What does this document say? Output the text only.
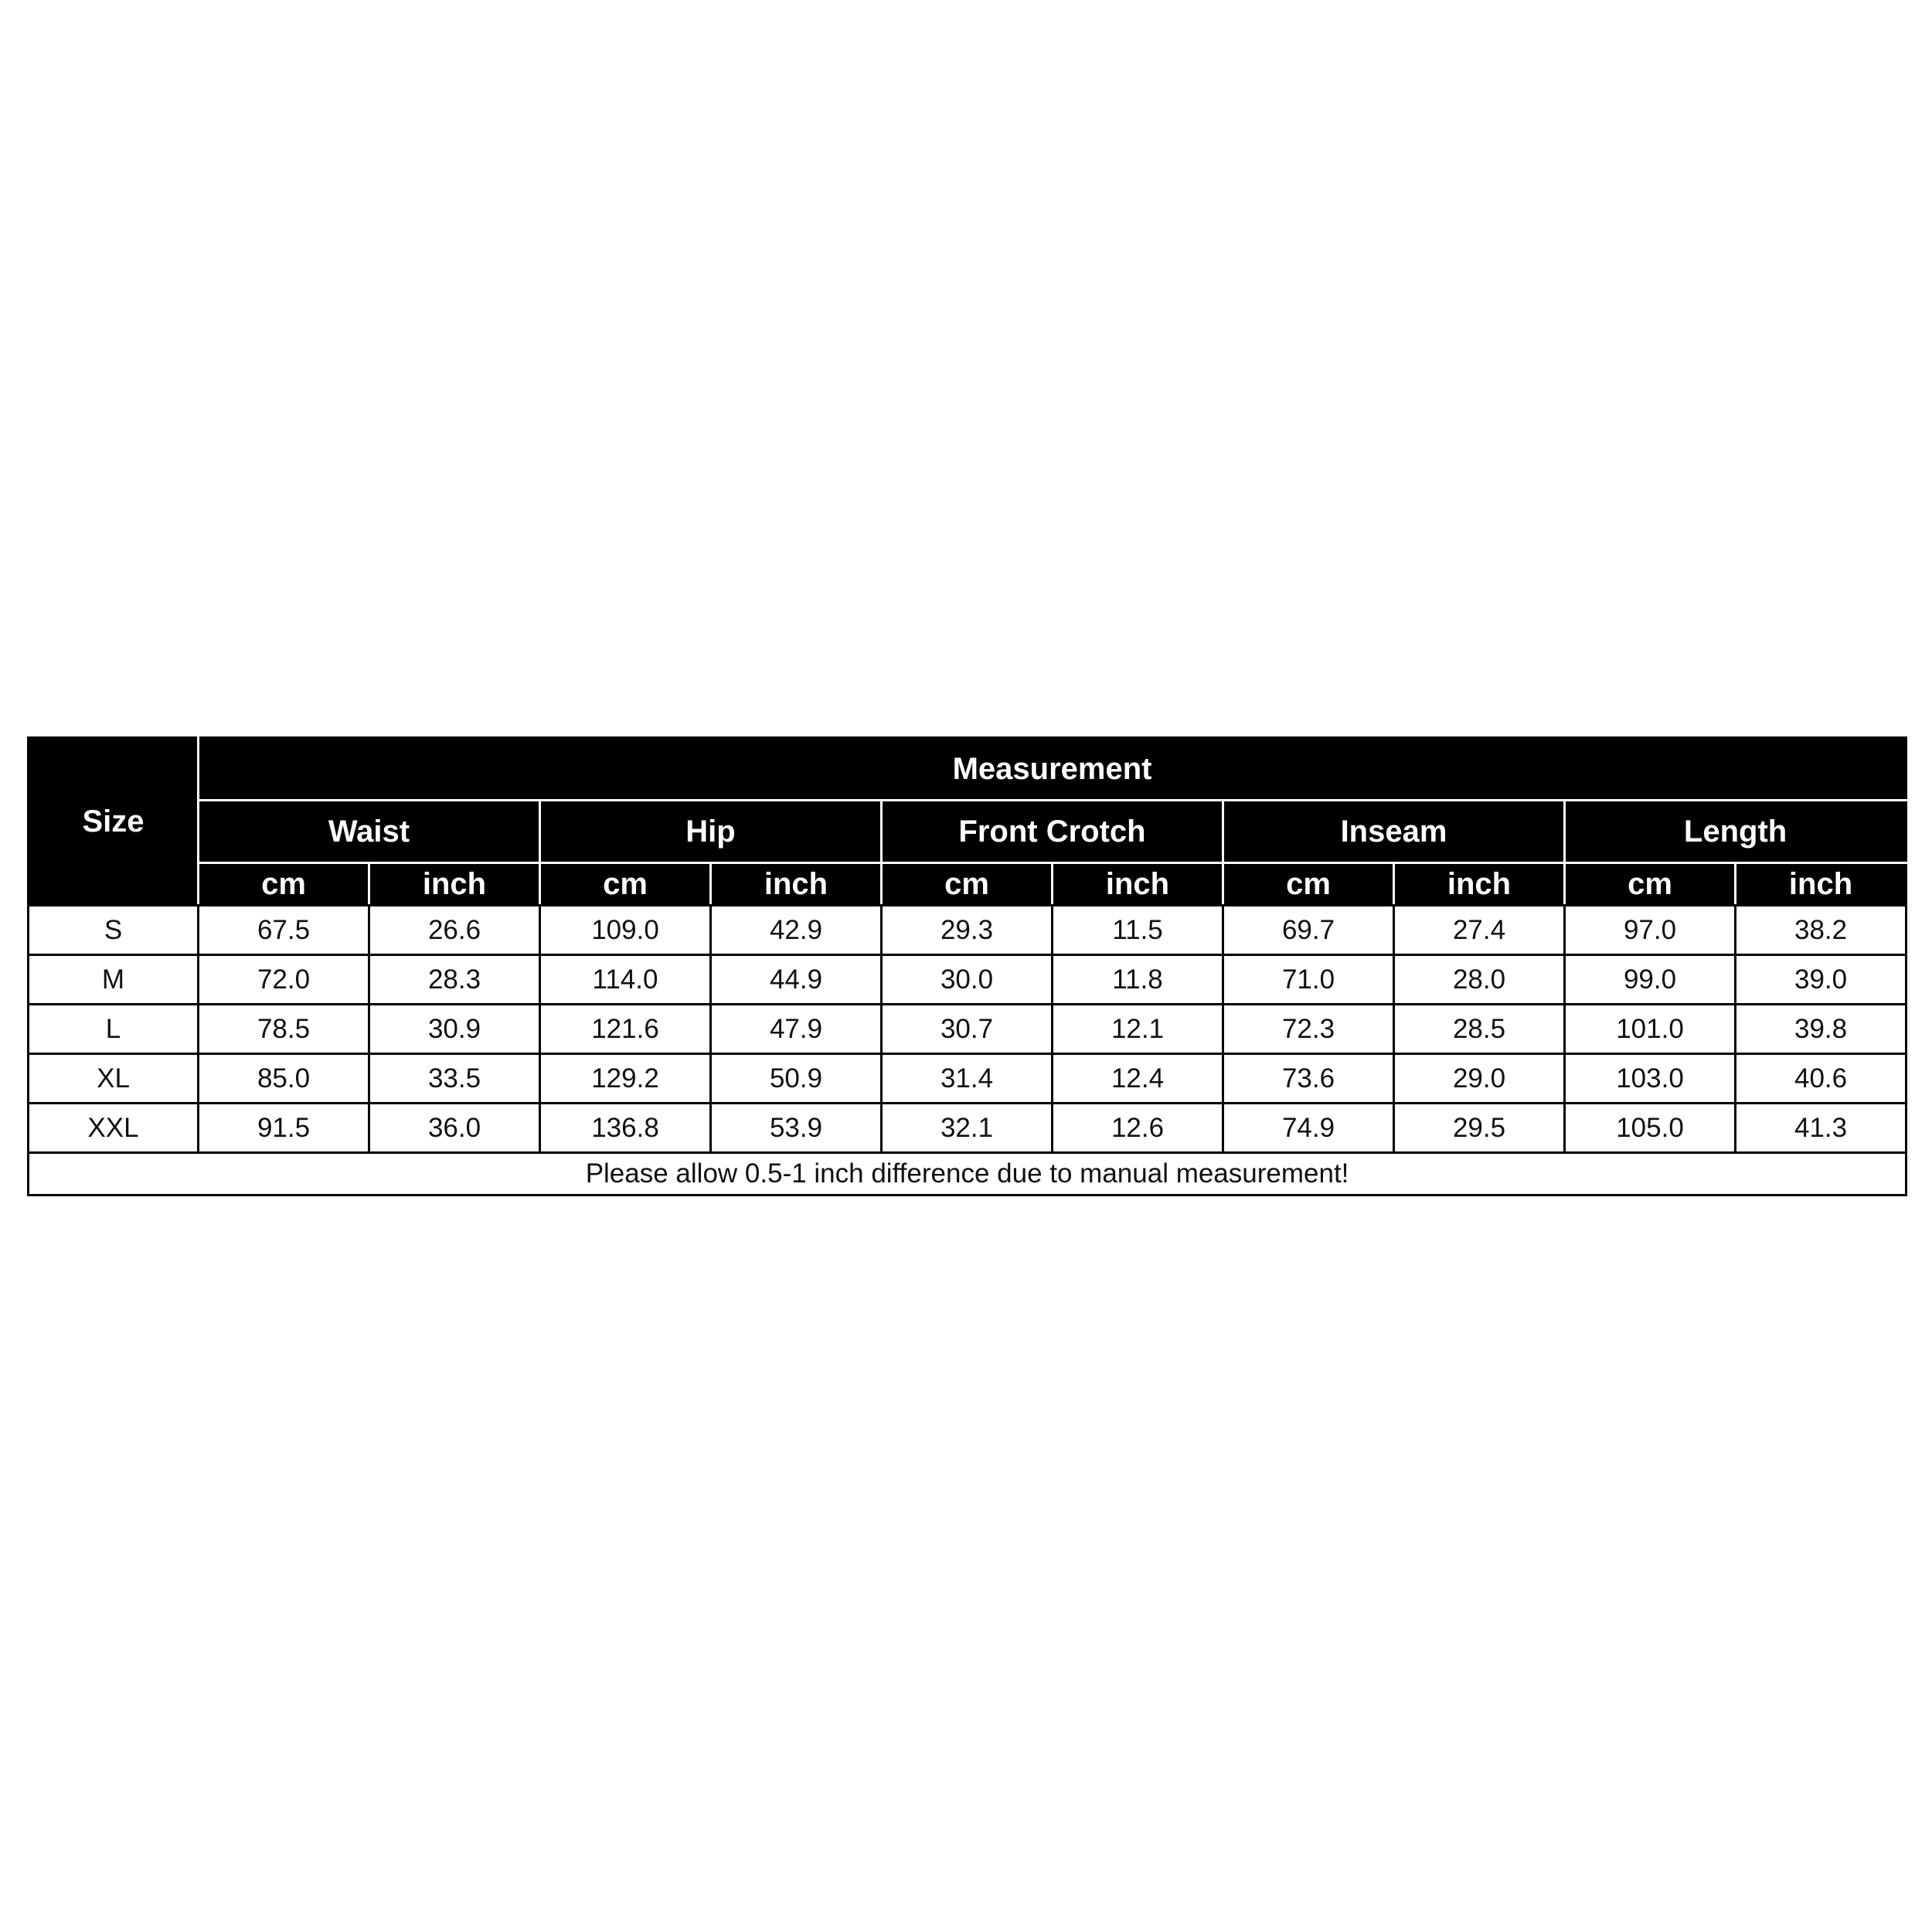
Size	Measurement									
	Waist		Hip		Front Crotch		Inseam		Length	
	cm	inch	cm	inch	cm	inch	cm	inch	cm	inch
S	67.5	26.6	109.0	42.9	29.3	11.5	69.7	27.4	97.0	38.2
M	72.0	28.3	114.0	44.9	30.0	11.8	71.0	28.0	99.0	39.0
L	78.5	30.9	121.6	47.9	30.7	12.1	72.3	28.5	101.0	39.8
XL	85.0	33.5	129.2	50.9	31.4	12.4	73.6	29.0	103.0	40.6
XXL	91.5	36.0	136.8	53.9	32.1	12.6	74.9	29.5	105.0	41.3
Please allow 0.5-1 inch difference due to manual measurement!										
